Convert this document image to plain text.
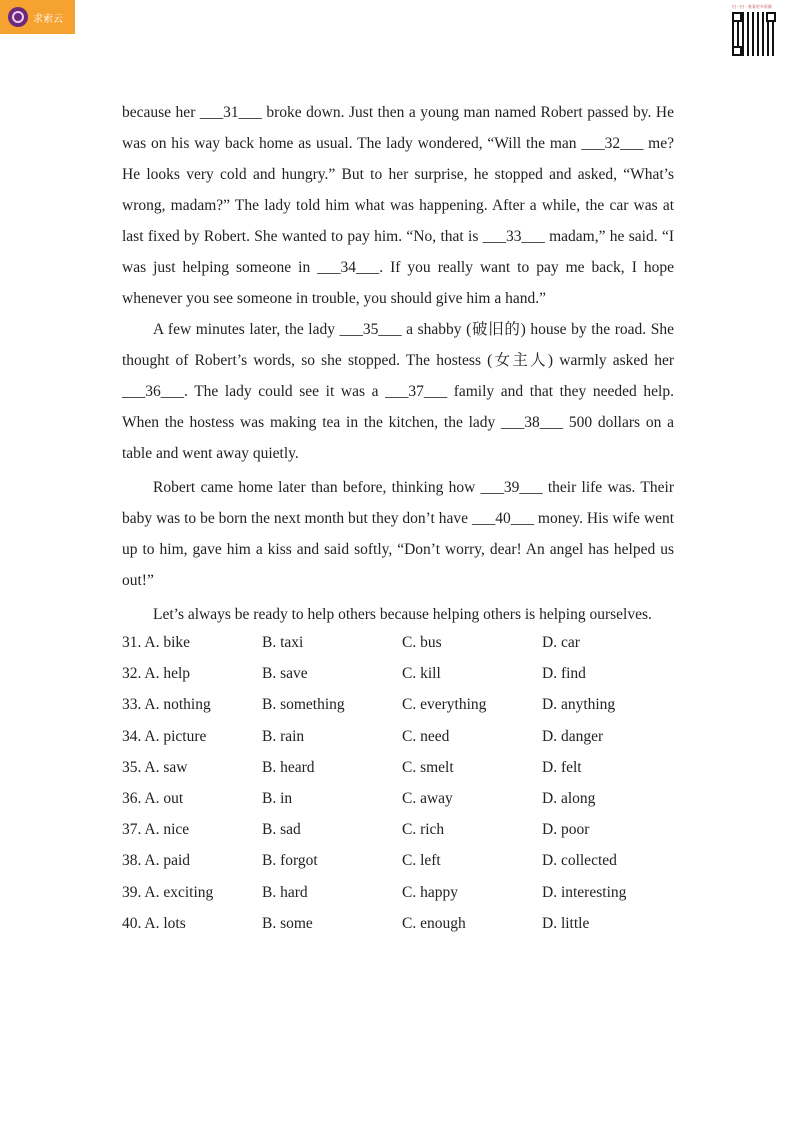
求索云
扫一扫 · 查看更多资源

because her ___31___ broke down. Just then a young man named Robert passed by. He was on his way back home as usual. The lady wondered, “Will the man ___32___ me? He looks very cold and hungry.” But to her surprise, he stopped and asked, “What’s wrong, madam?” The lady told him what was happening. After a while, the car was at last fixed by Robert. She wanted to pay him. “No, that is ___33___ madam,” he said. “I was just helping someone in ___34___. If you really want to pay me back, I hope whenever you see someone in trouble, you should give him a hand.”

A few minutes later, the lady ___35___ a shabby (破旧的) house by the road. She thought of Robert’s words, so she stopped. The hostess (女主人) warmly asked her ___36___. The lady could see it was a ___37___ family and that they needed help. When the hostess was making tea in the kitchen, the lady ___38___ 500 dollars on a table and went away quietly.

Robert came home later than before, thinking how ___39___ their life was. Their baby was to be born the next month but they don’t have ___40___ money. His wife went up to him, gave him a kiss and said softly, “Don’t worry, dear! An angel has helped us out!”

Let’s always be ready to help others because helping others is helping ourselves.

31. A. bike	B. taxi	C. bus	D. car
32. A. help	B. save	C. kill	D. find
33. A. nothing	B. something	C. everything	D. anything
34. A. picture	B. rain	C. need	D. danger
35. A. saw	B. heard	C. smelt	D. felt
36. A. out	B. in	C. away	D. along
37. A. nice	B. sad	C. rich	D. poor
38. A. paid	B. forgot	C. left	D. collected
39. A. exciting	B. hard	C. happy	D. interesting
40. A. lots	B. some	C. enough	D. little
